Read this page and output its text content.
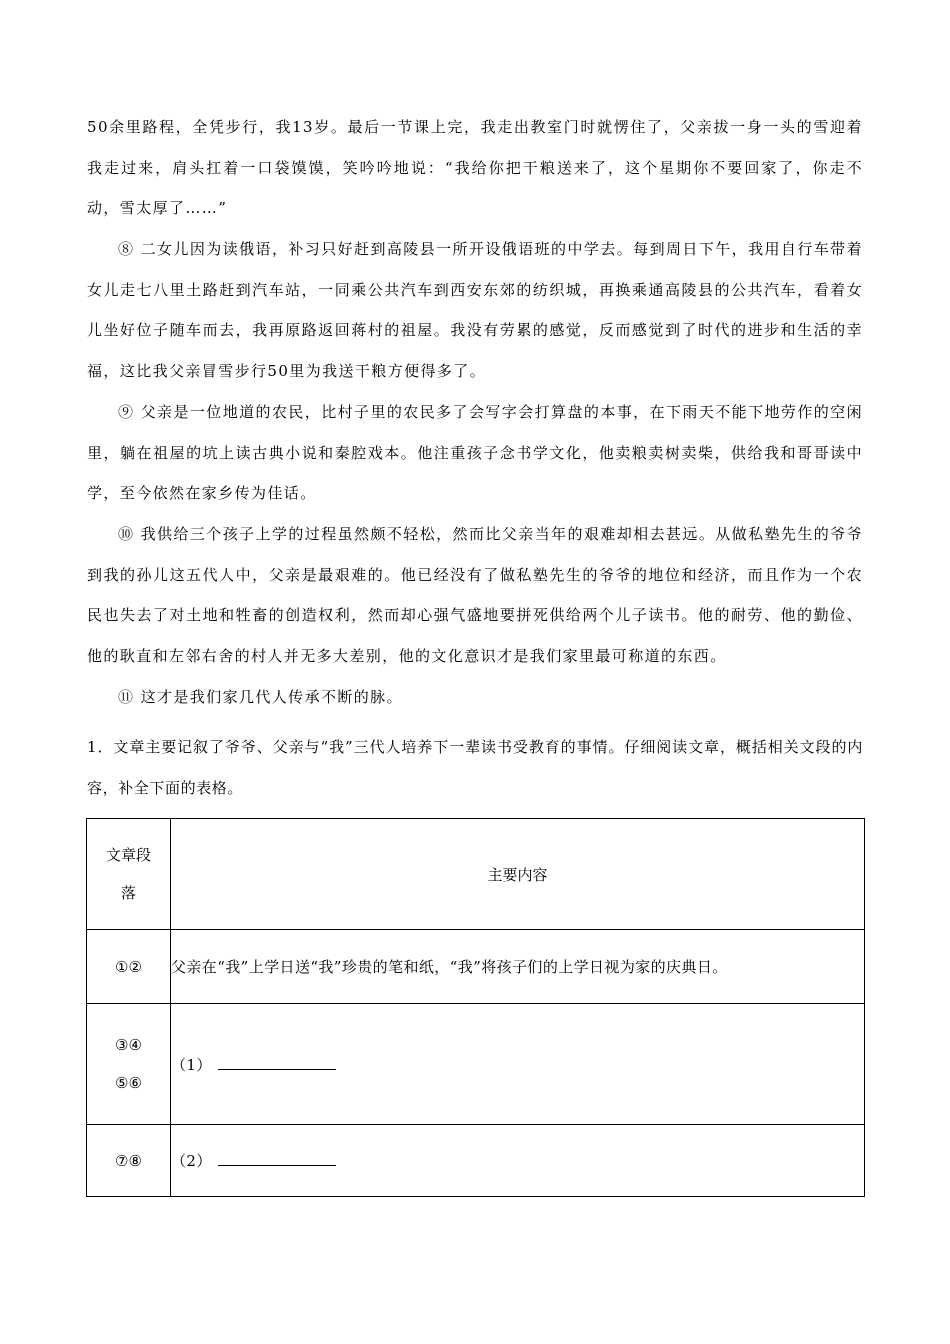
50余里路程，全凭步行，我13岁。最后一节课上完，我走出教室门时就愣住了，父亲拔一身一头的雪迎着我走过来，肩头扛着一口袋馍馍，笑吟吟地说：“我给你把干粮送来了，这个星期你不要回家了，你走不动，雪太厚了……”

⑧ 二女儿因为读俄语，补习只好赶到高陵县一所开设俄语班的中学去。每到周日下午，我用自行车带着女儿走七八里土路赶到汽车站，一同乘公共汽车到西安东郊的纺织城，再换乘通高陵县的公共汽车，看着女儿坐好位子随车而去，我再原路返回蒋村的祖屋。我没有劳累的感觉，反而感觉到了时代的进步和生活的幸福，这比我父亲冒雪步行50里为我送干粮方便得多了。

⑨ 父亲是一位地道的农民，比村子里的农民多了会写字会打算盘的本事，在下雨天不能下地劳作的空闲里，躺在祖屋的坑上读古典小说和秦腔戏本。他注重孩子念书学文化，他卖粮卖树卖柴，供给我和哥哥读中学，至今依然在家乡传为佳话。

⑩ 我供给三个孩子上学的过程虽然颇不轻松，然而比父亲当年的艰难却相去甚远。从做私塾先生的爷爷到我的孙儿这五代人中，父亲是最艰难的。他已经没有了做私塾先生的爷爷的地位和经济，而且作为一个农民也失去了对土地和牲畜的创造权利，然而却心强气盛地要拼死供给两个儿子读书。他的耐劳、他的勤俭、他的耿直和左邻右舍的村人并无多大差别，他的文化意识才是我们家里最可称道的东西。

⑪ 这才是我们家几代人传承不断的脉。

1．文章主要记叙了爷爷、父亲与“我”三代人培养下一辈读书受教育的事情。仔细阅读文章，概括相关文段的内容，补全下面的表格。

文章段
落	主要内容
①②	父亲在“我”上学日送“我”珍贵的笔和纸，“我”将孩子们的上学日视为家的庆典日。

③④
⑤⑥	（1）
⑦⑧	（2）
